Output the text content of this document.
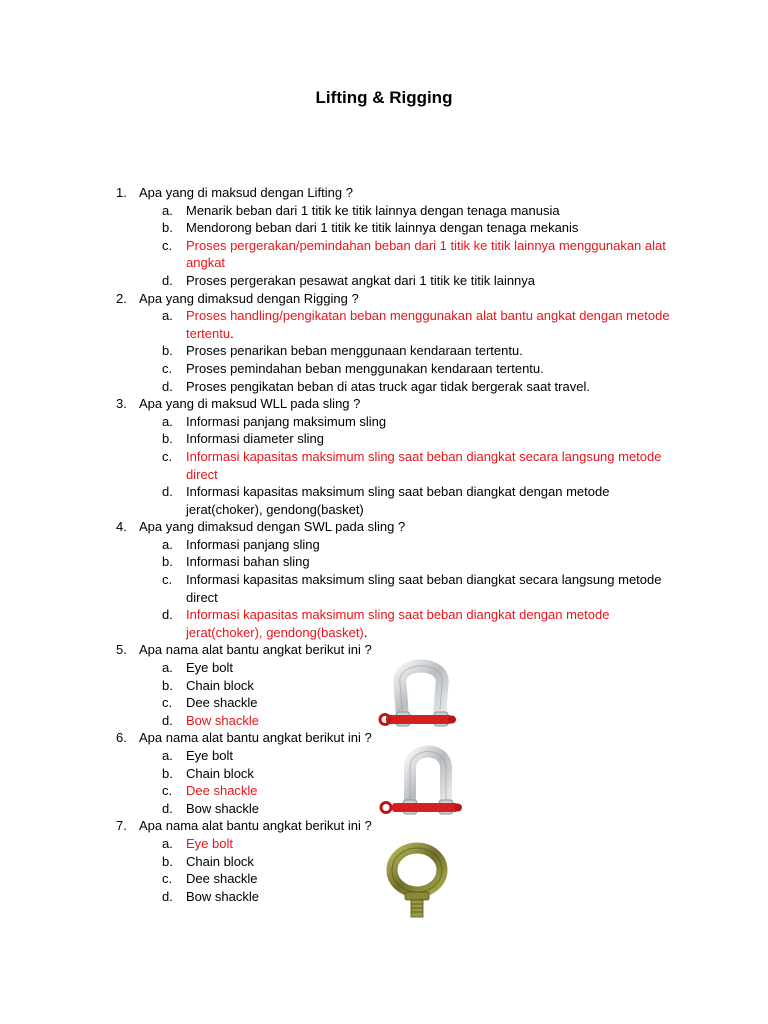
Lifting & Rigging
1. Apa yang di maksud dengan Lifting ?
a. Menarik beban dari 1 titik ke titik lainnya dengan tenaga manusia
b. Mendorong beban dari 1 titik ke titik lainnya dengan tenaga mekanis
c. Proses pergerakan/pemindahan beban dari 1 titik ke titik lainnya menggunakan alat angkat
d. Proses pergerakan pesawat angkat dari 1 titik ke titik lainnya
2. Apa yang dimaksud dengan Rigging ?
a. Proses handling/pengikatan beban menggunakan alat bantu angkat dengan metode tertentu.
b. Proses penarikan beban menggunaan kendaraan tertentu.
c. Proses pemindahan beban menggunakan kendaraan tertentu.
d. Proses pengikatan beban di atas truck agar tidak bergerak saat travel.
3. Apa yang di maksud WLL pada sling ?
a. Informasi panjang maksimum sling
b. Informasi diameter sling
c. Informasi kapasitas maksimum sling saat beban diangkat secara langsung metode direct
d. Informasi kapasitas maksimum sling saat beban diangkat dengan metode jerat(choker), gendong(basket)
4. Apa yang dimaksud dengan SWL pada sling ?
a. Informasi panjang sling
b. Informasi bahan sling
c. Informasi kapasitas maksimum sling saat beban diangkat secara langsung metode direct
d. Informasi kapasitas maksimum sling saat beban diangkat dengan metode jerat(choker), gendong(basket).
5. Apa nama alat bantu angkat berikut ini ?
a. Eye bolt
b. Chain block
c. Dee shackle
d. Bow shackle
6. Apa nama alat bantu angkat berikut ini ?
a. Eye bolt
b. Chain block
c. Dee shackle
d. Bow shackle
7. Apa nama alat bantu angkat berikut ini ?
a. Eye bolt
b. Chain block
c. Dee shackle
d. Bow shackle
